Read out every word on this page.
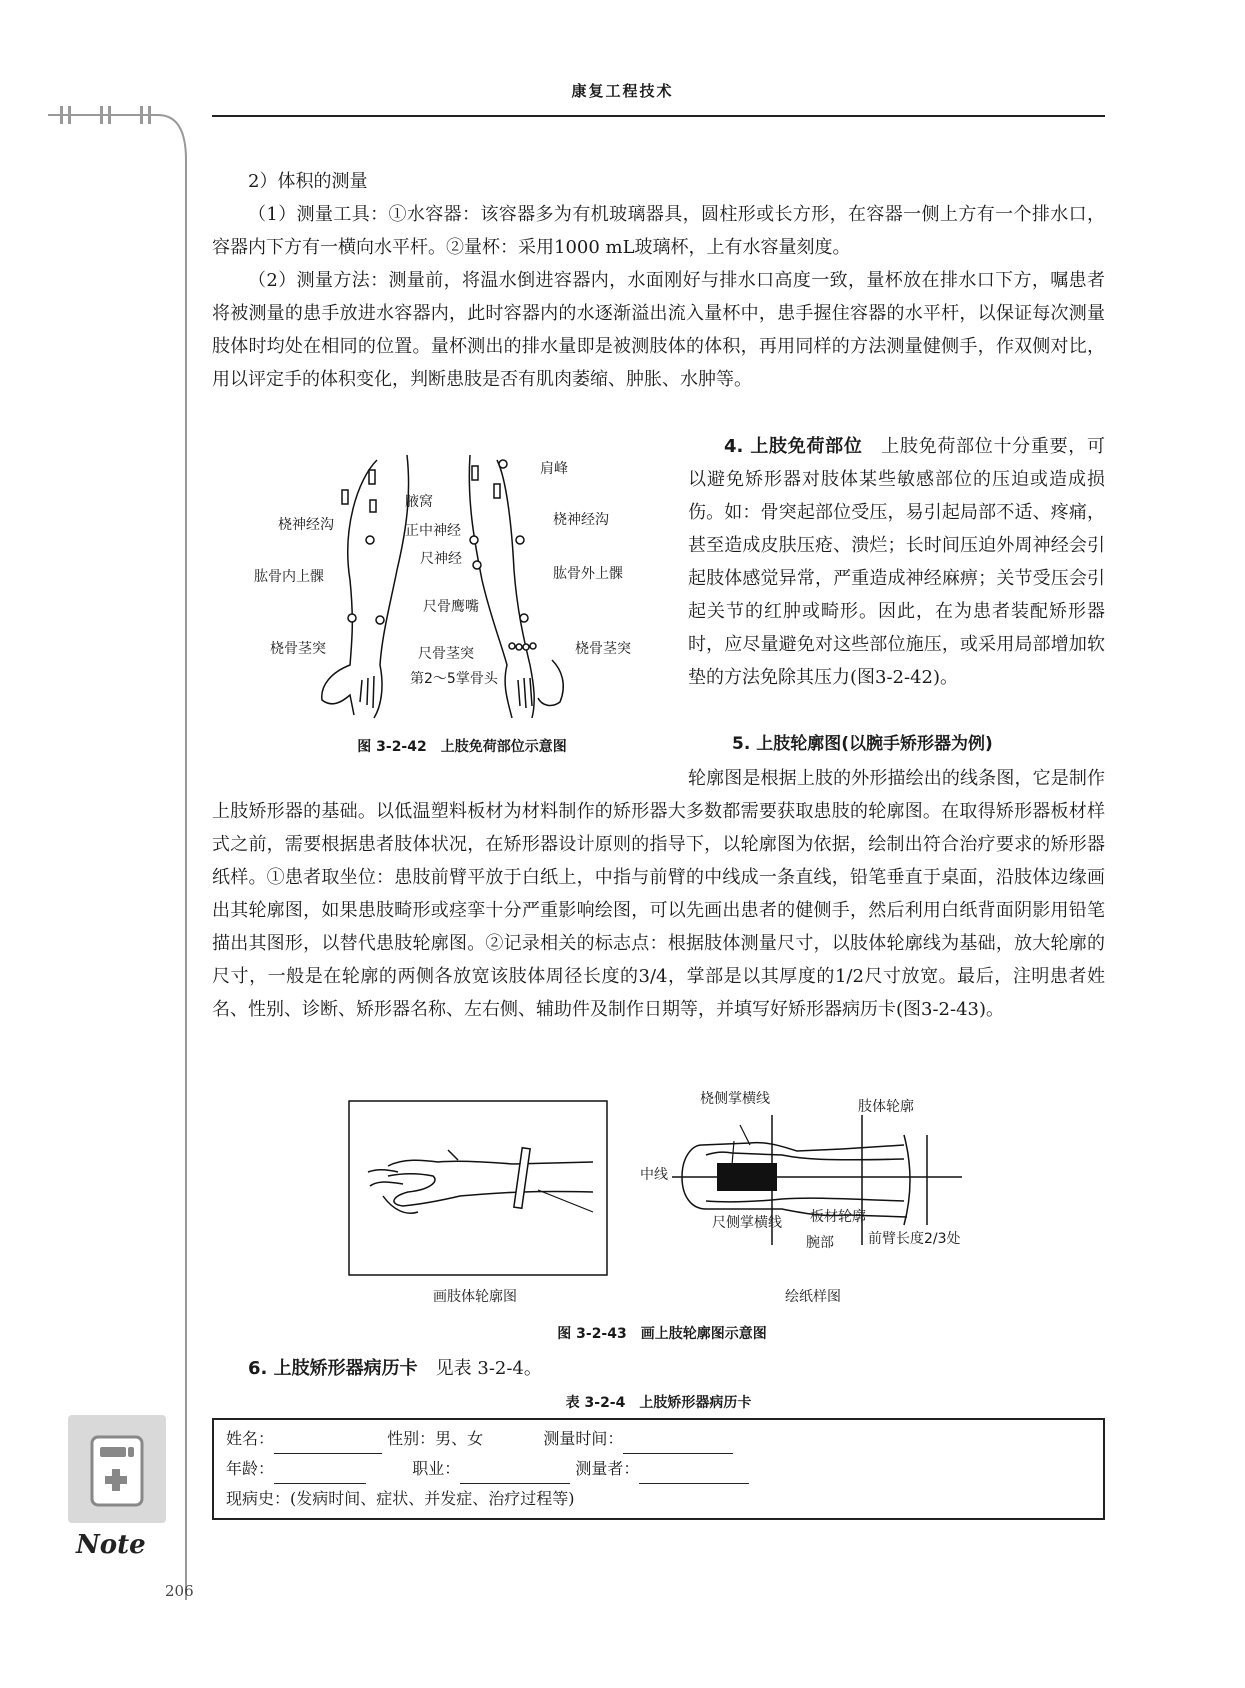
康复工程技术

2）体积的测量

（1）测量工具：①水容器：该容器多为有机玻璃器具，圆柱形或长方形，在容器一侧上方有一个排水口，容器内下方有一横向水平杆。②量杯：采用1000 mL玻璃杯，上有水容量刻度。

（2）测量方法：测量前，将温水倒进容器内，水面刚好与排水口高度一致，量杯放在排水口下方，嘱患者将被测量的患手放进水容器内，此时容器内的水逐渐溢出流入量杯中，患手握住容器的水平杆，以保证每次测量肢体时均处在相同的位置。量杯测出的排水量即是被测肢体的体积，再用同样的方法测量健侧手，作双侧对比，用以评定手的体积变化，判断患肢是否有肌肉萎缩、肿胀、水肿等。

肩峰
腋窝
桡神经沟	桡神经沟
正中神经
尺神经
肱骨内上髁	肱骨外上髁
尺骨鹰嘴
桡骨茎突	桡骨茎突
尺骨茎突
第2～5掌骨头
图 3-2-42　上肢免荷部位示意图

4. 上肢免荷部位　 上肢免荷部位十分重要，可以避免矫形器对肢体某些敏感部位的压迫或造成损伤。如：骨突起部位受压，易引起局部不适、疼痛，甚至造成皮肤压疮、溃烂；长时间压迫外周神经会引起肢体感觉异常，严重造成神经麻痹；关节受压会引起关节的红肿或畸形。因此，在为患者装配矫形器时，应尽量避免对这些部位施压，或采用局部增加软垫的方法免除其压力(图3-2-42)。

5. 上肢轮廓图(以腕手矫形器为例)

轮廓图是根据上肢的外形描绘出的线条图，它是制作上肢矫形器的基础。以低温塑料板材为材料制作的矫形器大多数都需要获取患肢的轮廓图。在取得矫形器板材样式之前，需要根据患者肢体状况，在矫形器设计原则的指导下，以轮廓图为依据，绘制出符合治疗要求的矫形器纸样。①患者取坐位：患肢前臂平放于白纸上，中指与前臂的中线成一条直线，铅笔垂直于桌面，沿肢体边缘画出其轮廓图，如果患肢畸形或痉挛十分严重影响绘图，可以先画出患者的健侧手，然后利用白纸背面阴影用铅笔描出其图形，以替代患肢轮廓图。②记录相关的标志点：根据肢体测量尺寸，以肢体轮廓线为基础，放大轮廓的尺寸，一般是在轮廓的两侧各放宽该肢体周径长度的3/4，掌部是以其厚度的1/2尺寸放宽。最后，注明患者姓名、性别、诊断、矫形器名称、左右侧、辅助件及制作日期等，并填写好矫形器病历卡(图3-2-43)。

桡侧掌横线	肢体轮廓
中线
尺侧掌横线 板材轮廓
腕部 前臂长度2/3处
画肢体轮廓图	绘纸样图
图 3-2-43　画上肢轮廓图示意图

6. 上肢矫形器病历卡　 见表 3-2-4。

表 3-2-4　上肢矫形器病历卡
姓名：	性别：男、女	测量时间：
年龄：	职业：	测量者：
现病史：(发病时间、症状、并发症、治疗过程等)
Note
206
